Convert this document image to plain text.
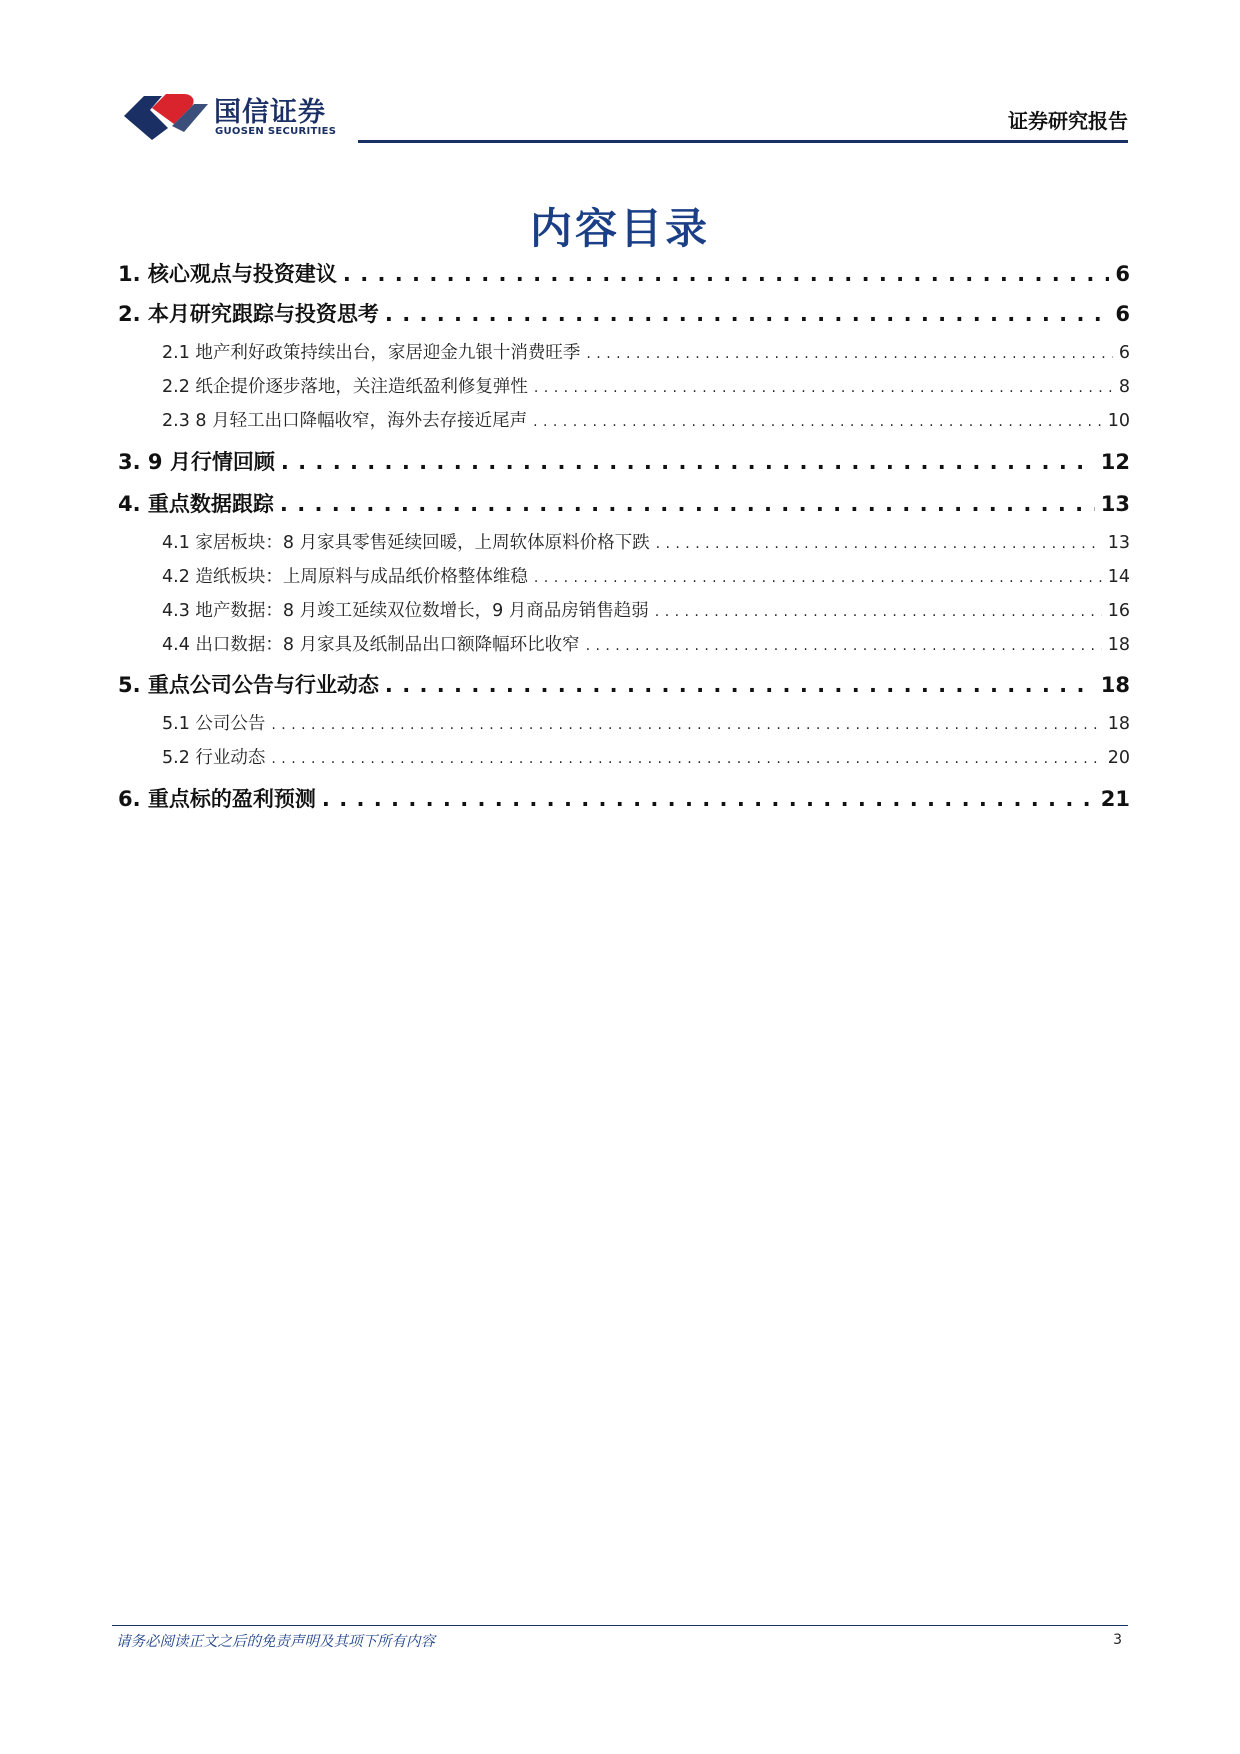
国信证券
GUOSEN SECURITIES	证券研究报告
内容目录
1. 核心观点与投资建议 . . .	6
2. 本月研究跟踪与投资思考 . . .	6
2.1 地产利好政策持续出台，家居迎金九银十消费旺季 . . .	6
2.2 纸企提价逐步落地，关注造纸盈利修复弹性 . . .	8
2.3 8 月轻工出口降幅收窄，海外去存接近尾声 . . .	10
3. 9 月行情回顾 . . .	12
4. 重点数据跟踪 . . .	13
4.1 家居板块：8 月家具零售延续回暖，上周软体原料价格下跌 . . .	13
4.2 造纸板块：上周原料与成品纸价格整体维稳 . . .	14
4.3 地产数据：8 月竣工延续双位数增长，9 月商品房销售趋弱 . . .	16
4.4 出口数据：8 月家具及纸制品出口额降幅环比收窄 . . .	18
5. 重点公司公告与行业动态 . . .	18
5.1 公司公告 . . .	18
5.2 行业动态 . . .	20
6. 重点标的盈利预测 . . .	21
请务必阅读正文之后的免责声明及其项下所有内容	3
